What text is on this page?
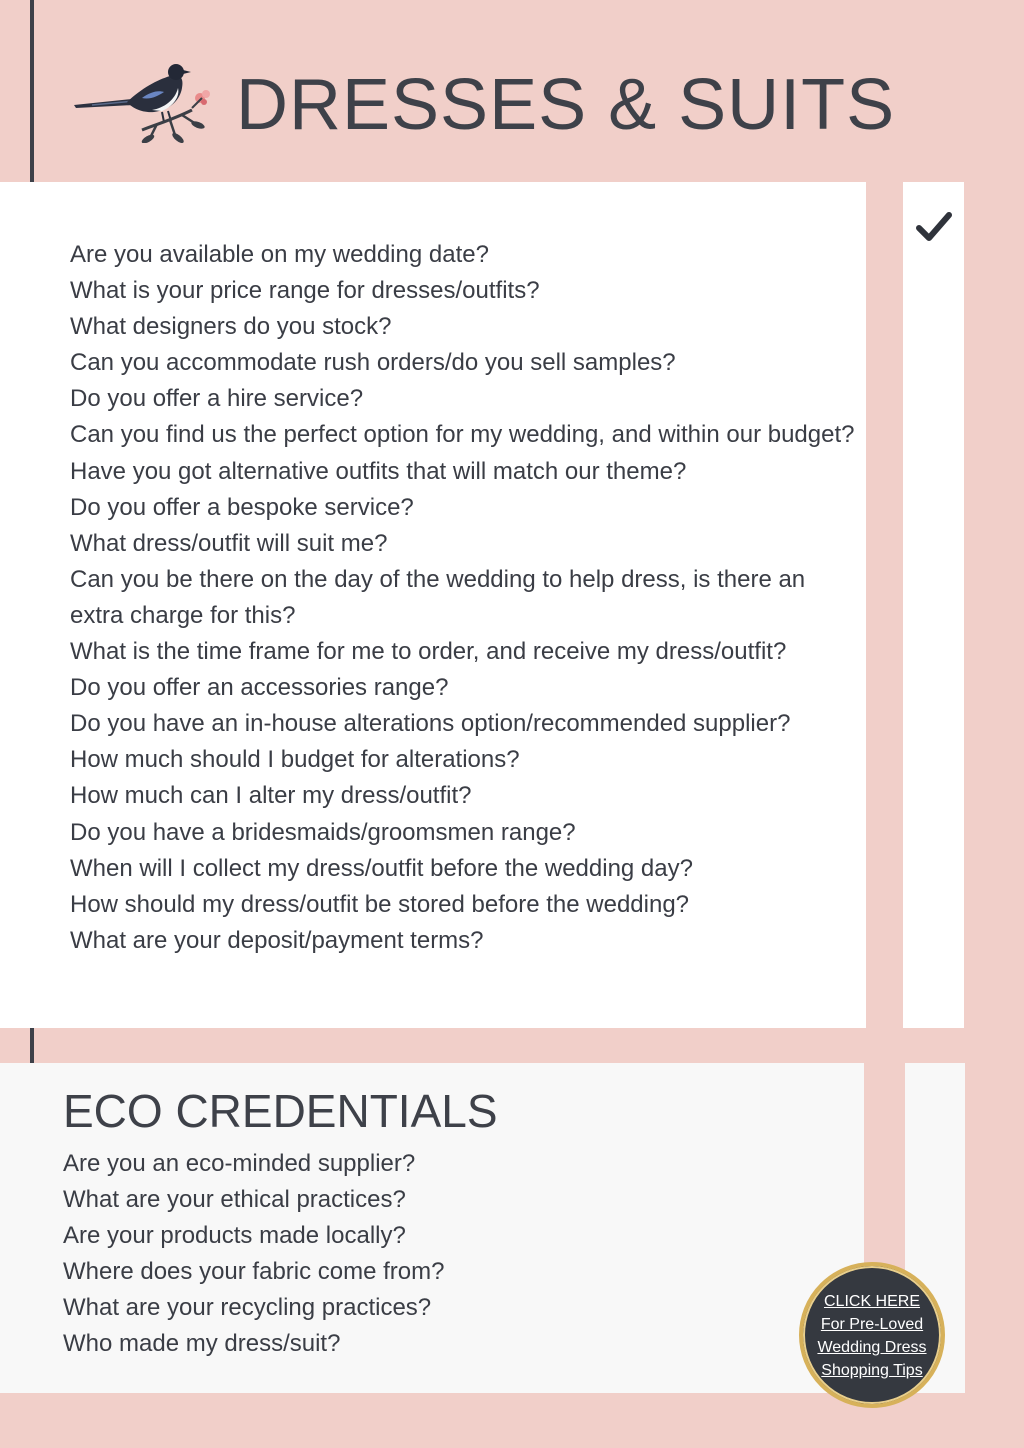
DRESSES & SUITS
Are you available on my wedding date?
What is your price range for dresses/outfits?
What designers do you stock?
Can you accommodate rush orders/do you sell samples?
Do you offer a hire service?
Can you find us the perfect option for my wedding, and within our budget?
Have you got alternative outfits that will match our theme?
Do you offer a bespoke service?
What dress/outfit will suit me?
Can you be there on the day of the wedding to help dress, is there an extra charge for this?
What is the time frame for me to order, and receive my dress/outfit?
Do you offer an accessories range?
Do you have an in-house alterations option/recommended supplier?
How much should I budget for alterations?
How much can I alter my dress/outfit?
Do you have a bridesmaids/groomsmen range?
When will I collect my dress/outfit before the wedding day?
How should my dress/outfit be stored before the wedding?
What are your deposit/payment terms?
ECO CREDENTIALS
Are you an eco-minded supplier?
What are your ethical practices?
Are your products made locally?
Where does your fabric come from?
What are your recycling practices?
Who made my dress/suit?
CLICK HERE
For Pre-Loved
Wedding Dress
Shopping Tips
